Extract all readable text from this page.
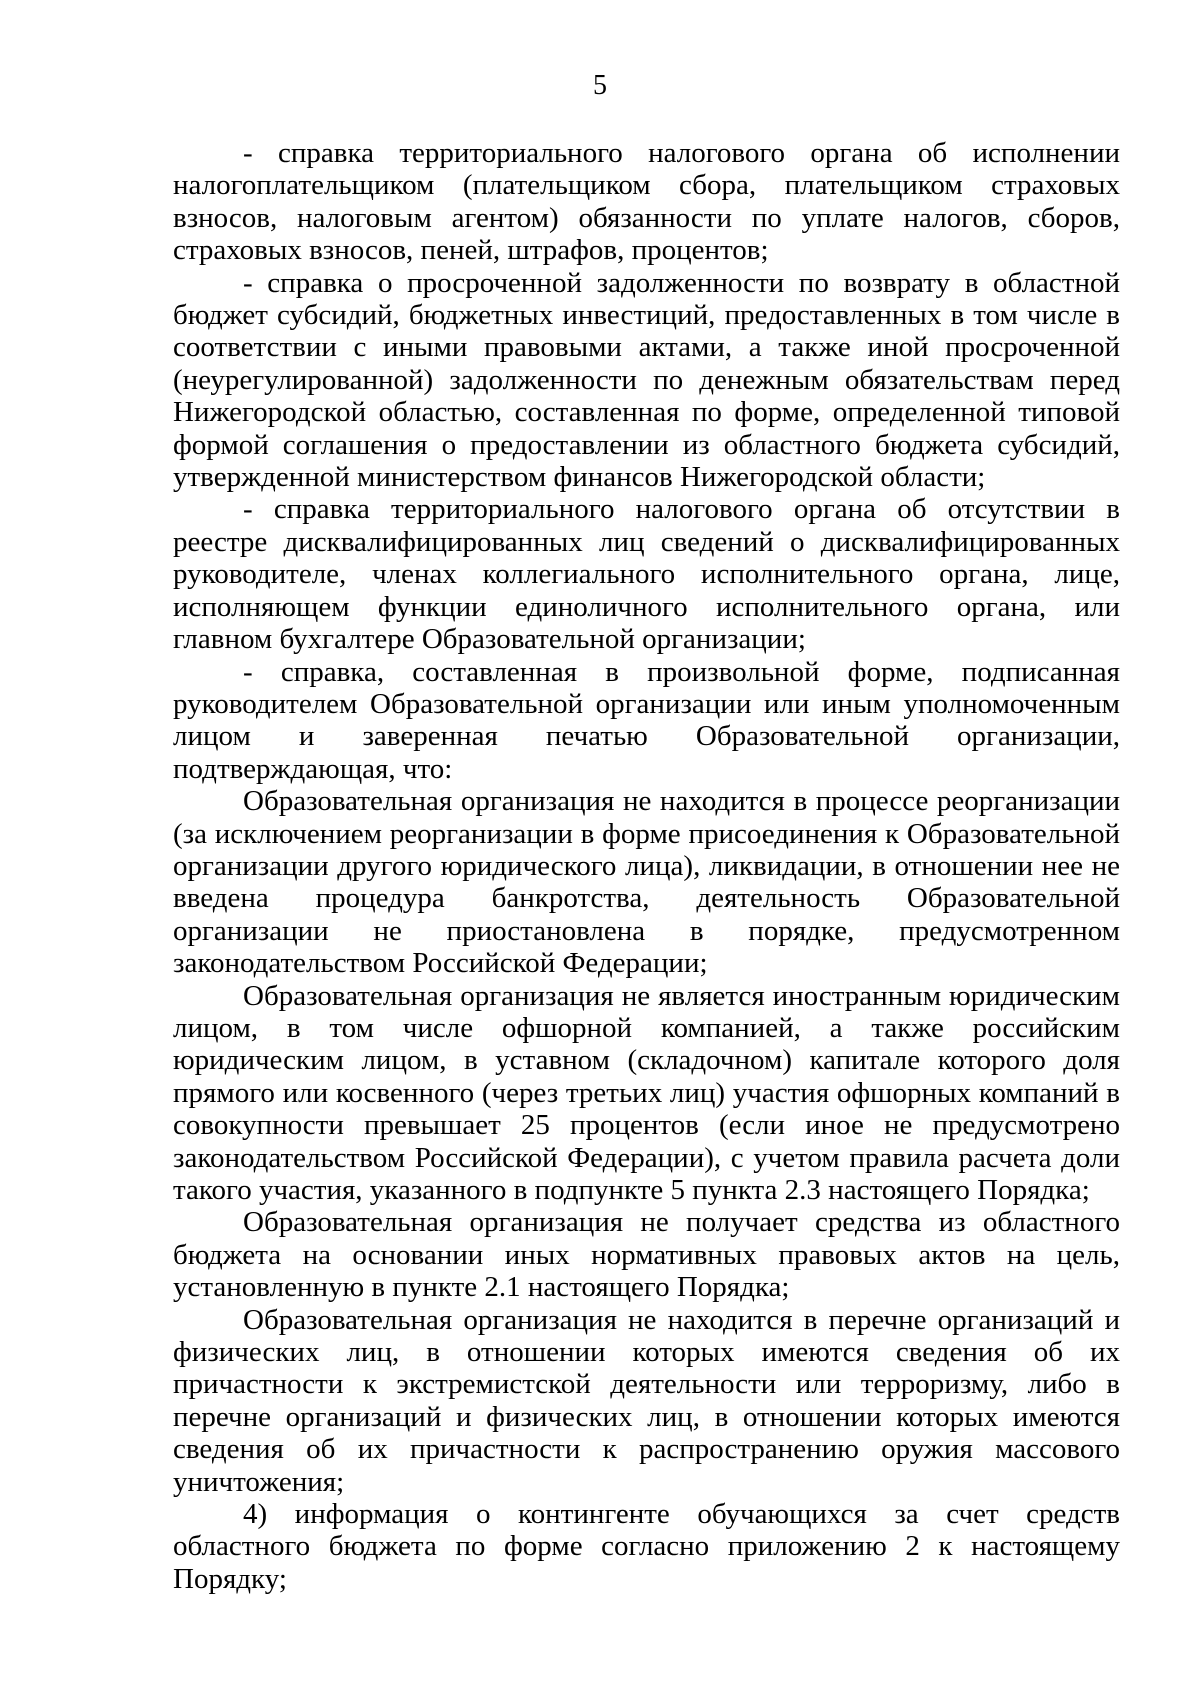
5

- справка территориального налогового органа об исполнении налогоплательщиком (плательщиком сбора, плательщиком страховых взносов, налоговым агентом) обязанности по уплате налогов, сборов, страховых взносов, пеней, штрафов, процентов;

- справка о просроченной задолженности по возврату в областной бюджет субсидий, бюджетных инвестиций, предоставленных в том числе в соответствии с иными правовыми актами, а также иной просроченной (неурегулированной) задолженности по денежным обязательствам перед Нижегородской областью, составленная по форме, определенной типовой формой соглашения о предоставлении из областного бюджета субсидий, утвержденной министерством финансов Нижегородской области;

- справка территориального налогового органа об отсутствии в реестре дисквалифицированных лиц сведений о дисквалифицированных руководителе, членах коллегиального исполнительного органа, лице, исполняющем функции единоличного исполнительного органа, или главном бухгалтере Образовательной организации;

- справка, составленная в произвольной форме, подписанная руководителем Образовательной организации или иным уполномоченным лицом и заверенная печатью Образовательной организации, подтверждающая, что:

Образовательная организация не находится в процессе реорганизации (за исключением реорганизации в форме присоединения к Образовательной организации другого юридического лица), ликвидации, в отношении нее не введена процедура банкротства, деятельность Образовательной организации не приостановлена в порядке, предусмотренном законодательством Российской Федерации;

Образовательная организация не является иностранным юридическим лицом, в том числе офшорной компанией, а также российским юридическим лицом, в уставном (складочном) капитале которого доля прямого или косвенного (через третьих лиц) участия офшорных компаний в совокупности превышает 25 процентов (если иное не предусмотрено законодательством Российской Федерации), с учетом правила расчета доли такого участия, указанного в подпункте 5 пункта 2.3 настоящего Порядка;

Образовательная организация не получает средства из областного бюджета на основании иных нормативных правовых актов на цель, установленную в пункте 2.1 настоящего Порядка;

Образовательная организация не находится в перечне организаций и физических лиц, в отношении которых имеются сведения об их причастности к экстремистской деятельности или терроризму, либо в перечне организаций и физических лиц, в отношении которых имеются сведения об их причастности к распространению оружия массового уничтожения;

4) информация о контингенте обучающихся за счет средств областного бюджета по форме согласно приложению 2 к настоящему Порядку;
